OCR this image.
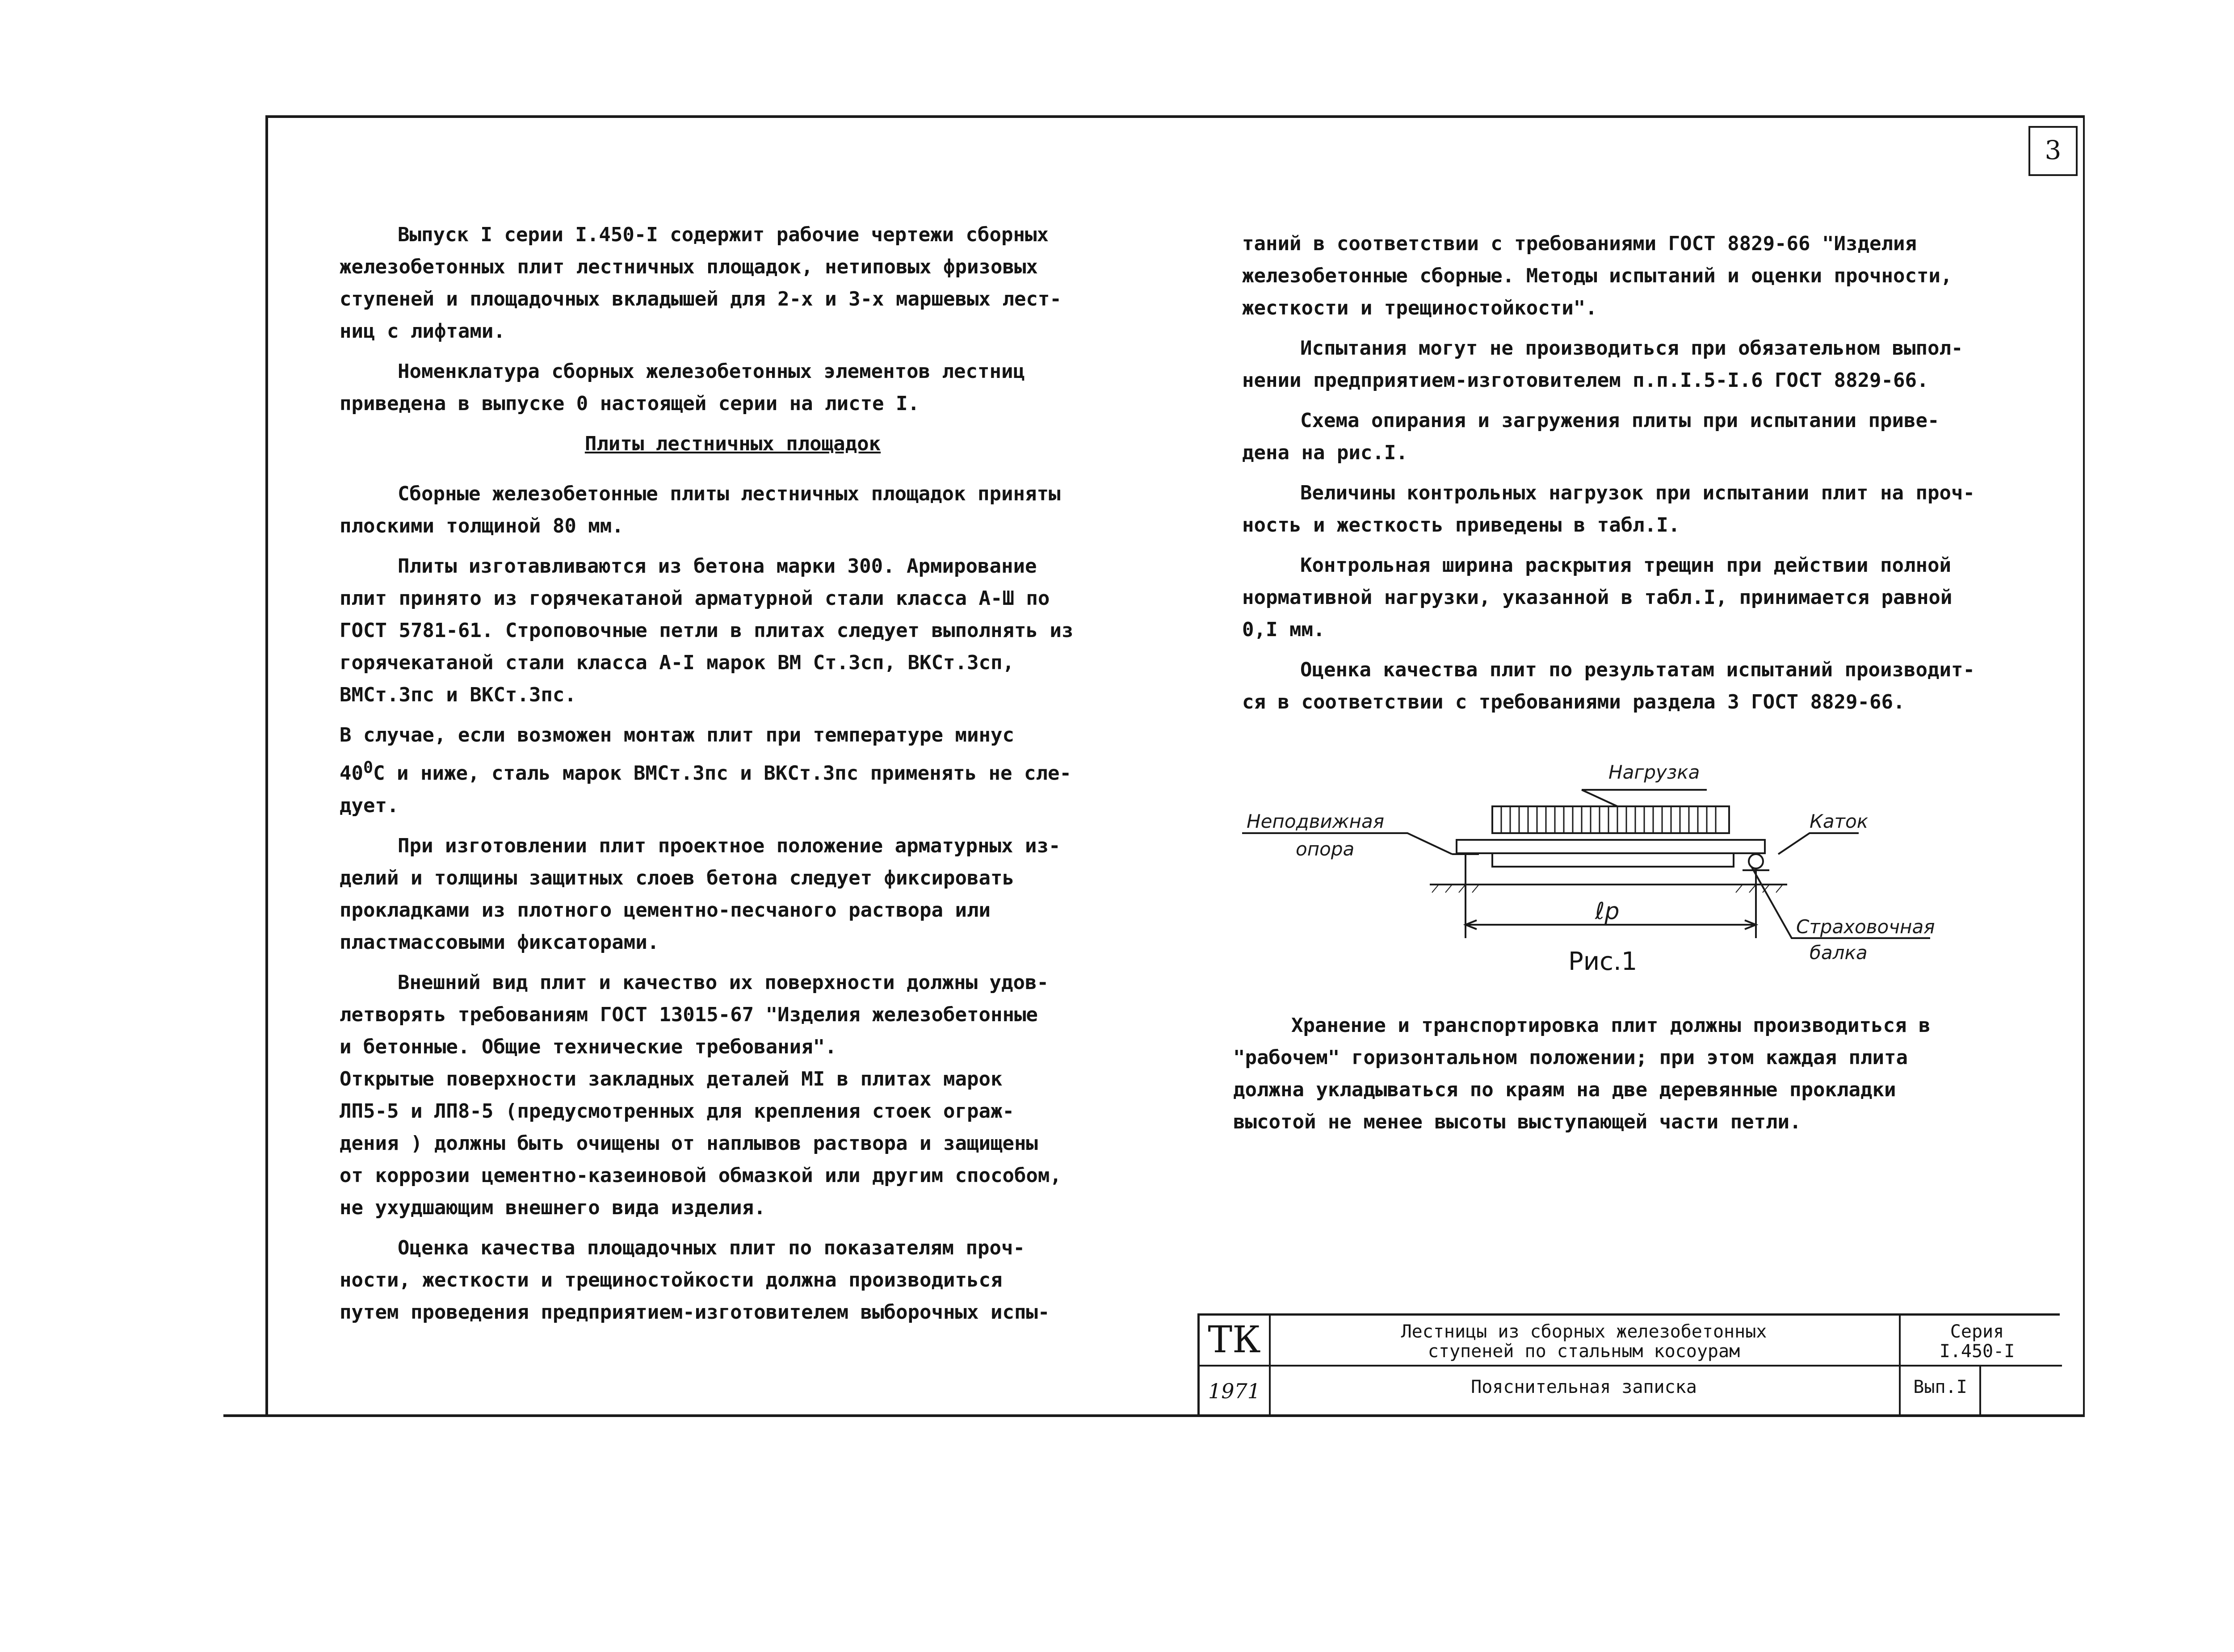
3

Выпуск I серии I.450-I содержит рабочие чертежи сборных
железобетонных плит лестничных площадок, нетиповых фризовых
ступеней и площадочных вкладышей для 2-х и 3-х маршевых лест-
ниц с лифтами.

Номенклатура сборных железобетонных элементов лестниц
приведена в выпуске 0 настоящей серии на листе I.

Плиты лестничных площадок

Сборные железобетонные плиты лестничных площадок приняты
плоскими толщиной 80 мм.

Плиты изготавливаются из бетона марки 300. Армирование
плит принято из горячекатаной арматурной стали класса А-Ш по
ГОСТ 5781-61. Строповочные петли в плитах следует выполнять из
горячекатаной стали класса А-I марок ВМ Ст.3сп, ВКСт.3сп,
ВМСт.3пс и ВКСт.3пс.

В случае, если возможен монтаж плит при температуре минус
$40^0С$ и ниже, сталь марок ВМСт.3пс и ВКСт.3пс применять не сле-
дует.

При изготовлении плит проектное положение арматурных из-
делий и толщины защитных слоев бетона следует фиксировать
прокладками из плотного цементно-песчаного раствора или
пластмассовыми фиксаторами.

Внешний вид плит и качество их поверхности должны удов-
летворять требованиям ГОСТ 13015-67 "Изделия железобетонные
и бетонные. Общие технические требования".

Открытые поверхности закладных деталей МI в плитах марок
ЛП5-5 и ЛП8-5 (предусмотренных для крепления стоек ограж-
дения ) должны быть очищены от наплывов раствора и защищены
от коррозии цементно-казеиновой обмазкой или другим способом,
не ухудшающим внешнего вида изделия.

Оценка качества площадочных плит по показателям проч-
ности, жесткости и трещиностойкости должна производиться
путем проведения предприятием-изготовителем выборочных испы-

таний в соответствии с требованиями ГОСТ 8829-66 "Изделия
железобетонные сборные. Методы испытаний и оценки прочности,
жесткости и трещиностойкости".

Испытания могут не производиться при обязательном выпол-
нении предприятием-изготовителем п.п.I.5-I.6 ГОСТ 8829-66.

Схема опирания и загружения плиты при испытании приве-
дена на рис.I.

Величины контрольных нагрузок при испытании плит на проч-
ность и жесткость приведены в табл.I.

Контрольная ширина раскрытия трещин при действии полной
нормативной нагрузки, указанной в табл.I, принимается равной
0,I мм.

Оценка качества плит по результатам испытаний производит-
ся в соответствии с требованиями раздела 3 ГОСТ 8829-66.

Нагрузка
Неподвижная
опора
Каток
Страховочная
балка
ℓр
Рис.1

Хранение и транспортировка плит должны производиться в
"рабочем" горизонтальном положении; при этом каждая плита
должна укладываться по краям на две деревянные прокладки
высотой не менее высоты выступающей части петли.

ТК
1971
Лестницы из сборных железобетонных
ступеней по стальным косоурам
Пояснительная записка
Серия
I.450-I
Вып.I
